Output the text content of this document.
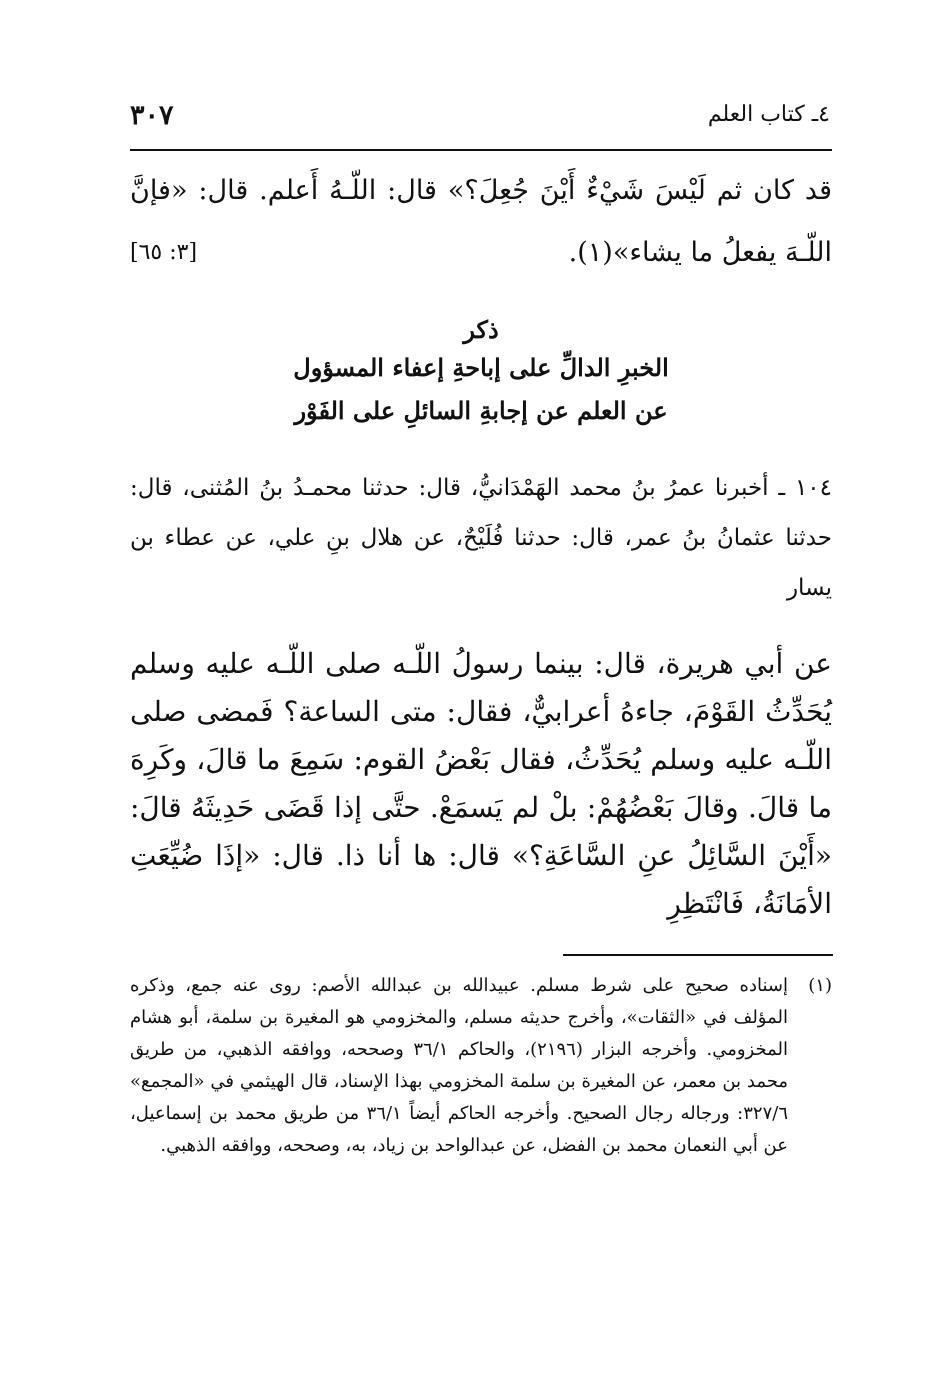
٣٠٧	٤ـ كتاب العلم
قد كان ثم لَيْسَ شَيْءٌ أَيْنَ جُعِلَ؟» قال: اللّـهُ أَعلم. قال: «فإنَّ اللّـهَ يفعلُ ما يشاء»(١).
[٣: ٦٥]
ذكر
الخبرِ الدالِّ على إباحةِ إعفاء المسؤول
عن العلم عن إجابةِ السائلِ على الفَوْر
١٠٤ ـ أخبرنا عمرُ بنُ محمد الهَمْدَانيُّ، قال: حدثنا محمـدُ بنُ المُثنى، قال: حدثنا عثمانُ بنُ عمر، قال: حدثنا فُلَيْحٌ، عن هلال بنِ علي، عن عطاء بن يسار
عن أبي هريرة، قال: بينما رسولُ اللّـه صلى اللّـه عليه وسلم يُحَدِّثُ القَوْمَ، جاءهُ أعرابيٌّ، فقال: متى الساعة؟ فَمضى صلى اللّـه عليه وسلم يُحَدِّثُ، فقال بَعْضُ القوم: سَمِعَ ما قالَ، وكَرِهَ ما قالَ. وقالَ بَعْضُهُمْ: بلْ لم يَسمَعْ. حتَّى إذا قَضَى حَدِيثَهُ قالَ: «أَيْنَ السَّائِلُ عنِ السَّاعَةِ؟» قال: ها أنا ذا. قال: «إذَا ضُيِّعَتِ الأمَانَةُ، فَانْتَظِرِ
(١)
إسناده صحيح على شرط مسلم. عبيدالله بن عبدالله الأصم: روى عنه جمع، وذكره المؤلف في «الثقات»، وأخرج حديثه مسلم، والمخزومي هو المغيرة بن سلمة، أبو هشام المخزومي. وأخرجه البزار (٢١٩٦)، والحاكم ٣٦/١ وصححه، ووافقه الذهبي، من طريق محمد بن معمر، عن المغيرة بن سلمة المخزومي بهذا الإسناد، قال الهيثمي في «المجمع» ٣٢٧/٦: ورجاله رجال الصحيح. وأخرجه الحاكم أيضاً ٣٦/١ من طريق محمد بن إسماعيل، عن أبي النعمان محمد بن الفضل، عن عبدالواحد بن زياد، به، وصححه، ووافقه الذهبي.
